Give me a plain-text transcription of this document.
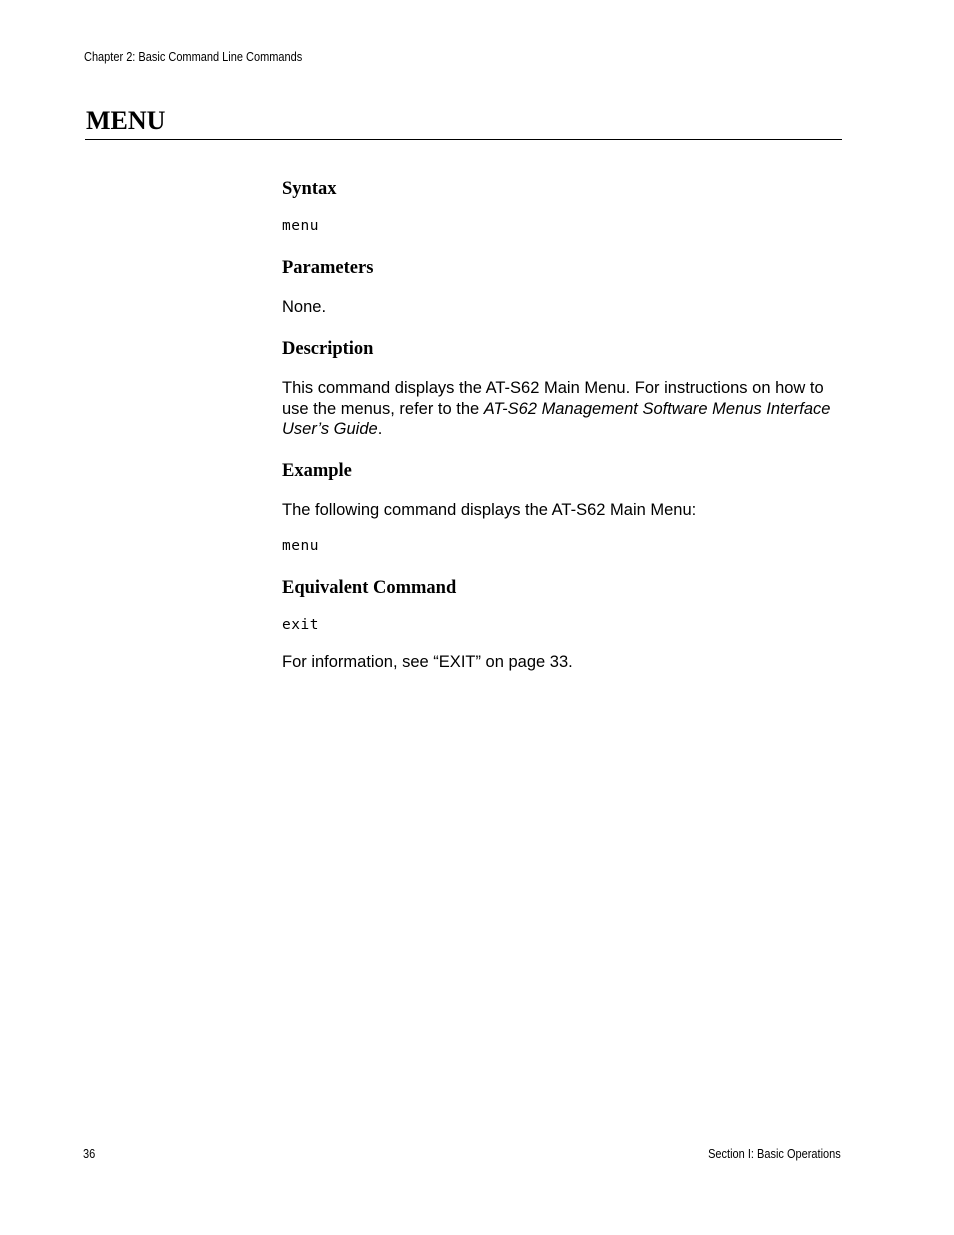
Chapter 2: Basic Command Line Commands
MENU
Syntax
menu
Parameters
None.
Description
This command displays the AT-S62 Main Menu. For instructions on how to use the menus, refer to the AT-S62 Management Software Menus Interface User’s Guide.
Example
The following command displays the AT-S62 Main Menu:
menu
Equivalent Command
exit
For information, see “EXIT” on page 33.
36	Section I: Basic Operations
